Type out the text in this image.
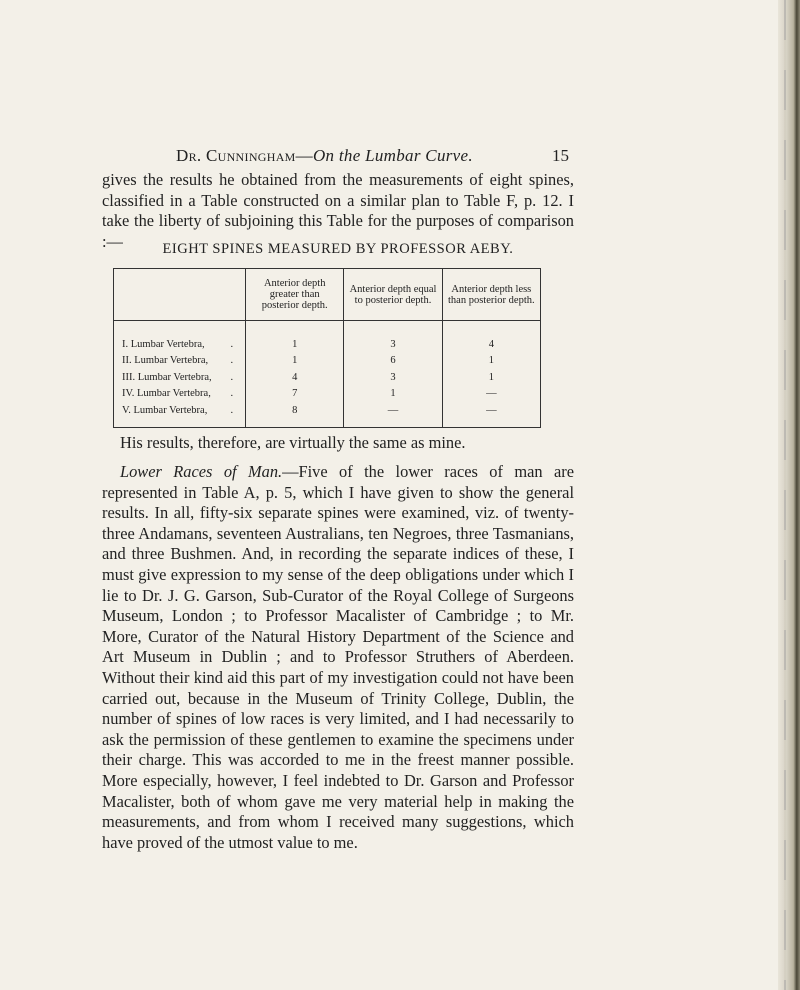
Dr. Cunningham—On the Lumbar Curve.	15
gives the results he obtained from the measurements of eight spines, classified in a Table constructed on a similar plan to Table F, p. 12. I take the liberty of subjoining this Table for the purposes of comparison :—	EIGHT SPINES MEASURED BY PROFESSOR AEBY.
	Anterior depth greater than posterior depth.	Anterior depth equal to posterior depth.	Anterior depth less than posterior depth.
I. Lumbar Vertebra, .	1	3	4
II. Lumbar Vertebra, .	1	6	1
III. Lumbar Vertebra, .	4	3	1
IV. Lumbar Vertebra, .	7	1	—
V. Lumbar Vertebra, .	8	—	—
His results, therefore, are virtually the same as mine.
Lower Races of Man.—Five of the lower races of man are represented in Table A, p. 5, which I have given to show the general results. In all, fifty-six separate spines were examined, viz. of twenty-three Andamans, seventeen Australians, ten Negroes, three Tasmanians, and three Bushmen. And, in recording the separate indices of these, I must give expression to my sense of the deep obligations under which I lie to Dr. J. G. Garson, Sub-Curator of the Royal College of Surgeons Museum, London ; to Professor Macalister of Cambridge ; to Mr. More, Curator of the Natural History Department of the Science and Art Museum in Dublin ; and to Professor Struthers of Aberdeen. Without their kind aid this part of my investigation could not have been carried out, because in the Museum of Trinity College, Dublin, the number of spines of low races is very limited, and I had necessarily to ask the permission of these gentlemen to examine the specimens under their charge. This was accorded to me in the freest manner possible. More especially, however, I feel indebted to Dr. Garson and Professor Macalister, both of whom gave me very material help in making the measurements, and from whom I received many suggestions, which have proved of the utmost value to me.
